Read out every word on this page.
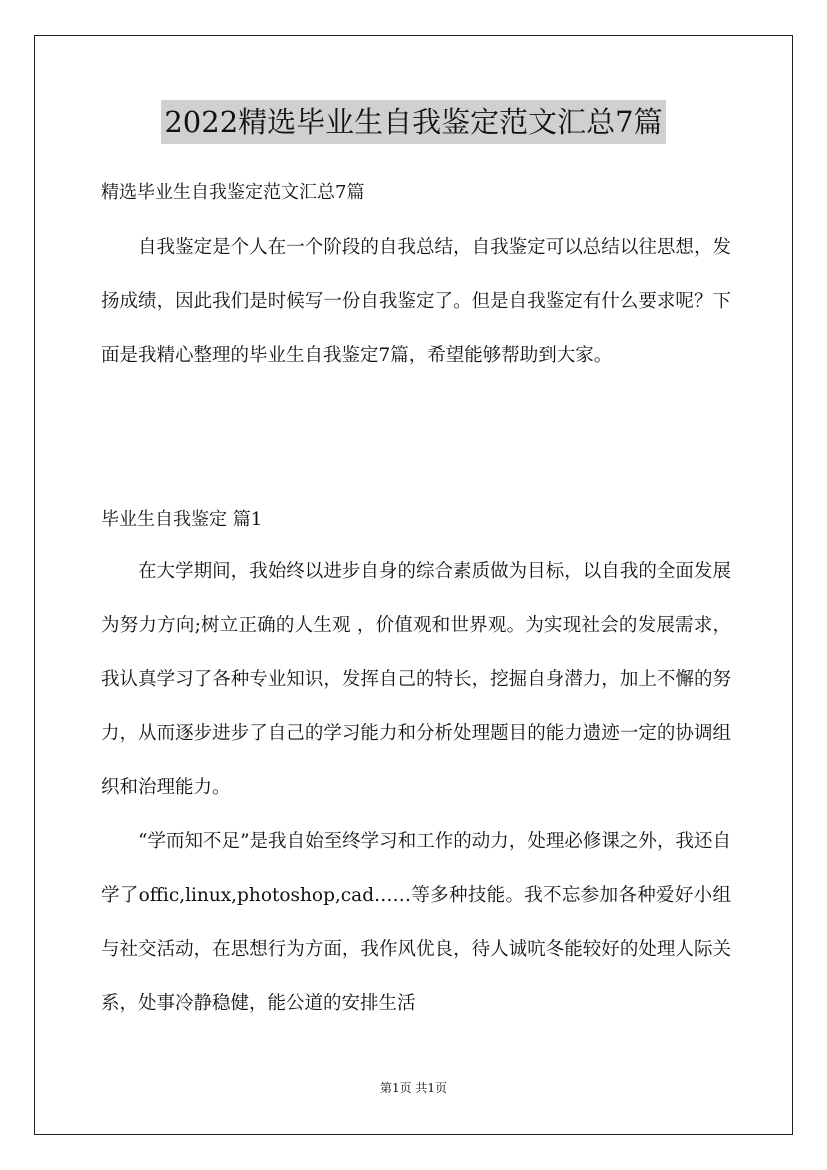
2022精选毕业生自我鉴定范文汇总7篇

精选毕业生自我鉴定范文汇总7篇

自我鉴定是个人在一个阶段的自我总结，自我鉴定可以总结以往思想，发扬成绩，因此我们是时候写一份自我鉴定了。但是自我鉴定有什么要求呢？下面是我精心整理的毕业生自我鉴定7篇，希望能够帮助到大家。

毕业生自我鉴定 篇1

在大学期间，我始终以进步自身的综合素质做为目标，以自我的全面发展为努力方向;树立正确的人生观 ，价值观和世界观。为实现社会的发展需求，我认真学习了各种专业知识，发挥自己的特长，挖掘自身潜力，加上不懈的努力，从而逐步进步了自己的学习能力和分析处理题目的能力遗迹一定的协调组织和治理能力。

“学而知不足”是我自始至终学习和工作的动力，处理必修课之外，我还自学了offic,linux,photoshop,cad……等多种技能。我不忘参加各种爱好小组与社交活动，在思想行为方面，我作风优良，待人诚吭冬能较好的处理人际关系，处事冷静稳健，能公道的安排生活

第1页 共1页
